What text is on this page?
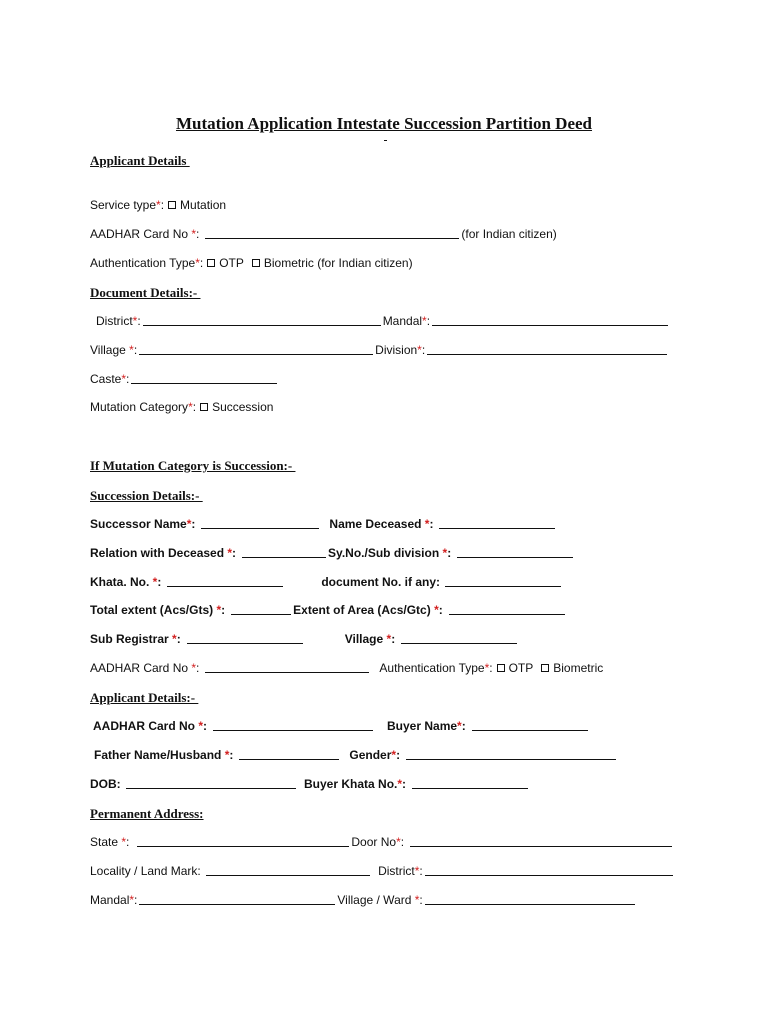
Mutation Application Intestate Succession Partition Deed
Applicant Details
Service type * : Mutation
AADHAR Card No * :	(for Indian citizen)
Authentication Type * : OTP Biometric (for Indian citizen)
Document Details:-
District * :	Mandal * :
Village * :	Division * :
Caste * :
Mutation Category * : Succession
If Mutation Category is Succession:-
Succession Details:-
Successor Name * :	Name Deceased * :
Relation with Deceased * :	Sy.No./Sub division * :
Khata. No. * :	document No. if any:
Total extent (Acs/Gts) * :	Extent of Area (Acs/Gtc) * :
Sub Registrar * :	Village * :
AADHAR Card No * :	Authentication Type * : OTP Biometric
Applicant Details:-
AADHAR Card No * :	Buyer Name * :
Father Name/Husband * :	Gender * :
DOB:	Buyer Khata No. * :
Permanent Address:
State * :	Door No * :
Locality / Land Mark:	District * :
Mandal * :	Village / Ward * :
